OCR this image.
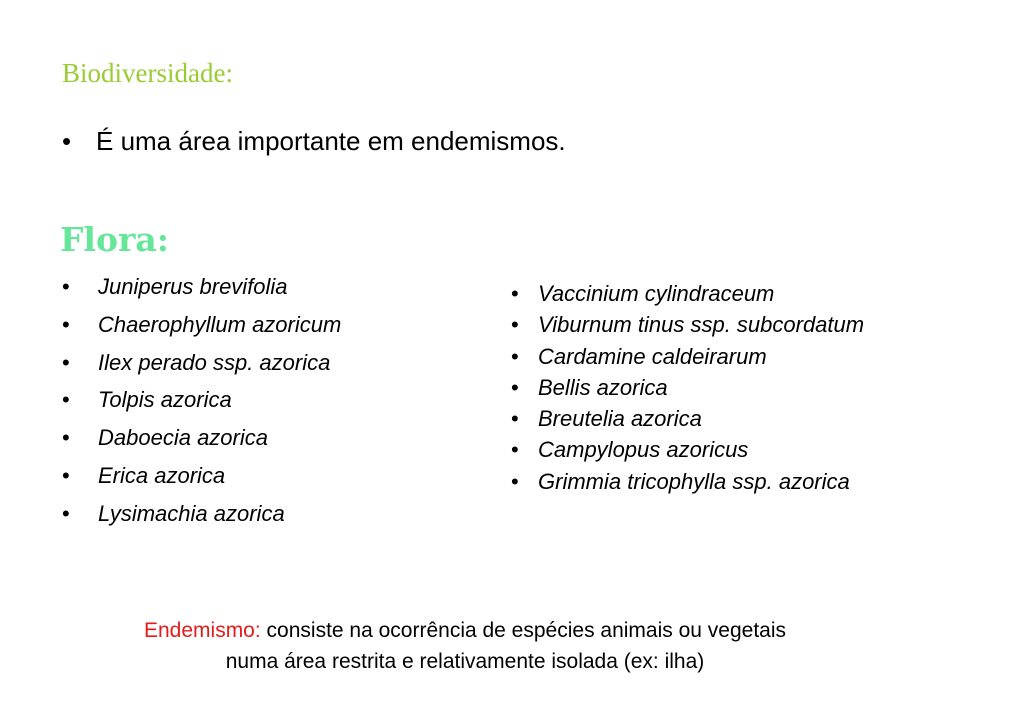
Biodiversidade:
• É uma área importante em endemismos.
Flora:
• Juniperus brevifolia
• Chaerophyllum azoricum
• Ilex perado ssp. azorica
• Tolpis azorica
• Daboecia azorica
• Erica azorica
• Lysimachia azorica
• Vaccinium cylindraceum
• Viburnum tinus ssp. subcordatum
• Cardamine caldeirarum
• Bellis azorica
• Breutelia azorica
• Campylopus azoricus
• Grimmia tricophylla ssp. azorica
Endemismo: consiste na ocorrência de espécies animais ou vegetais
numa área restrita e relativamente isolada (ex: ilha)
